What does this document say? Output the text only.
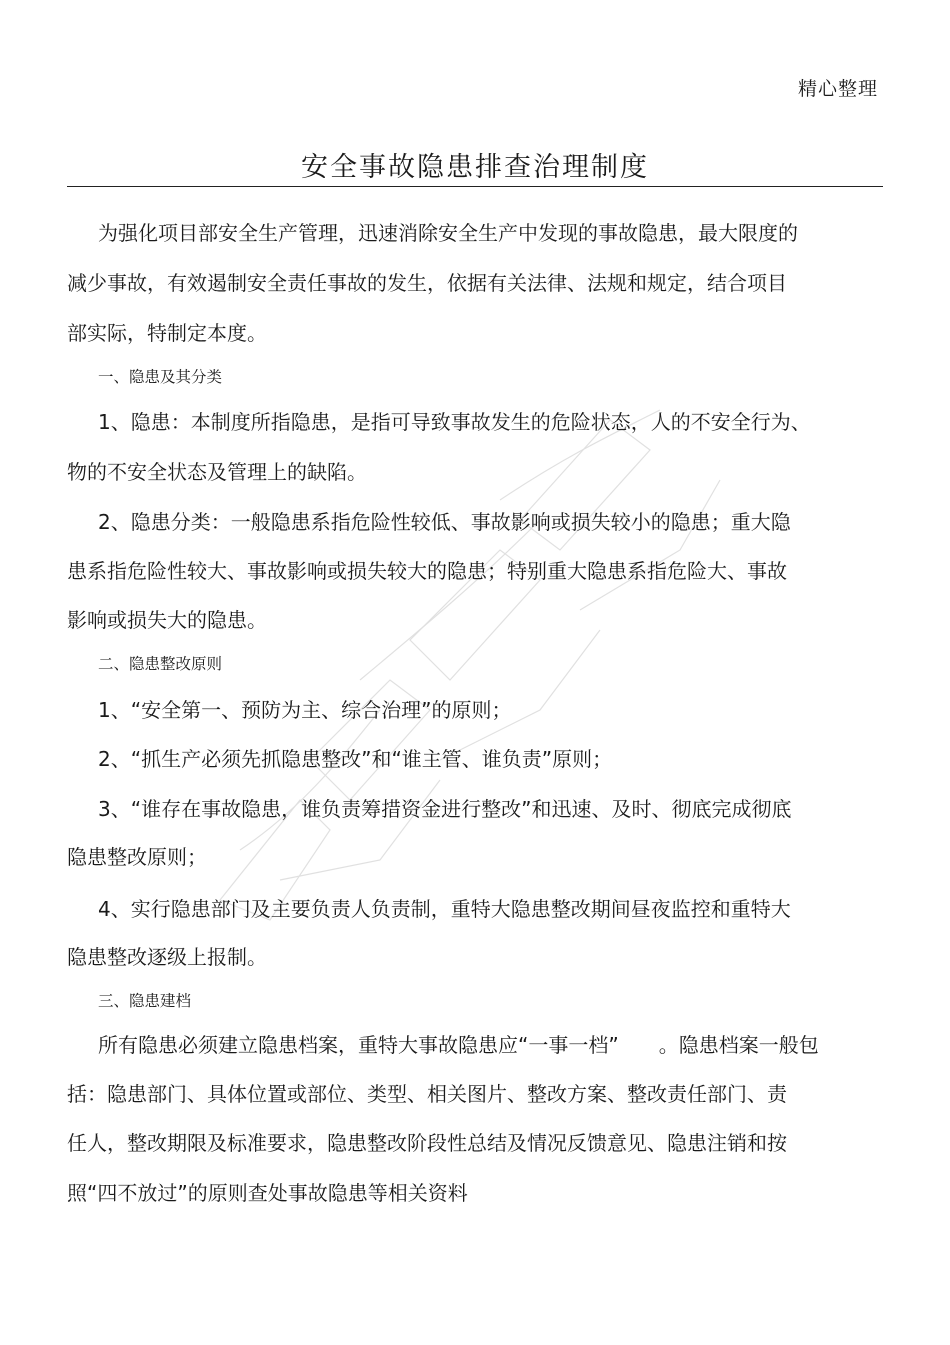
精心整理
安全事故隐患排查治理制度
为强化项目部安全生产管理，迅速消除安全生产中发现的事故隐患，最大限度的
减少事故，有效遏制安全责任事故的发生，依据有关法律、法规和规定，结合项目
部实际，特制定本度。
一、隐患及其分类
1、隐患：本制度所指隐患，是指可导致事故发生的危险状态，人的不安全行为、
物的不安全状态及管理上的缺陷。
2、隐患分类：一般隐患系指危险性较低、事故影响或损失较小的隐患；重大隐
患系指危险性较大、事故影响或损失较大的隐患；特别重大隐患系指危险大、事故
影响或损失大的隐患。
二、隐患整改原则
1、“安全第一、预防为主、综合治理”的原则；
2、“抓生产必须先抓隐患整改”和“谁主管、谁负责”原则；
3、“谁存在事故隐患，谁负责筹措资金进行整改”和迅速、及时、彻底完成彻底
隐患整改原则；
4、实行隐患部门及主要负责人负责制，重特大隐患整改期间昼夜监控和重特大
隐患整改逐级上报制。
三、隐患建档
所有隐患必须建立隐患档案，重特大事故隐患应“一事一档”　　。隐患档案一般包
括：隐患部门、具体位置或部位、类型、相关图片、整改方案、整改责任部门、责
任人，整改期限及标准要求，隐患整改阶段性总结及情况反馈意见、隐患注销和按
照“四不放过”的原则查处事故隐患等相关资料
